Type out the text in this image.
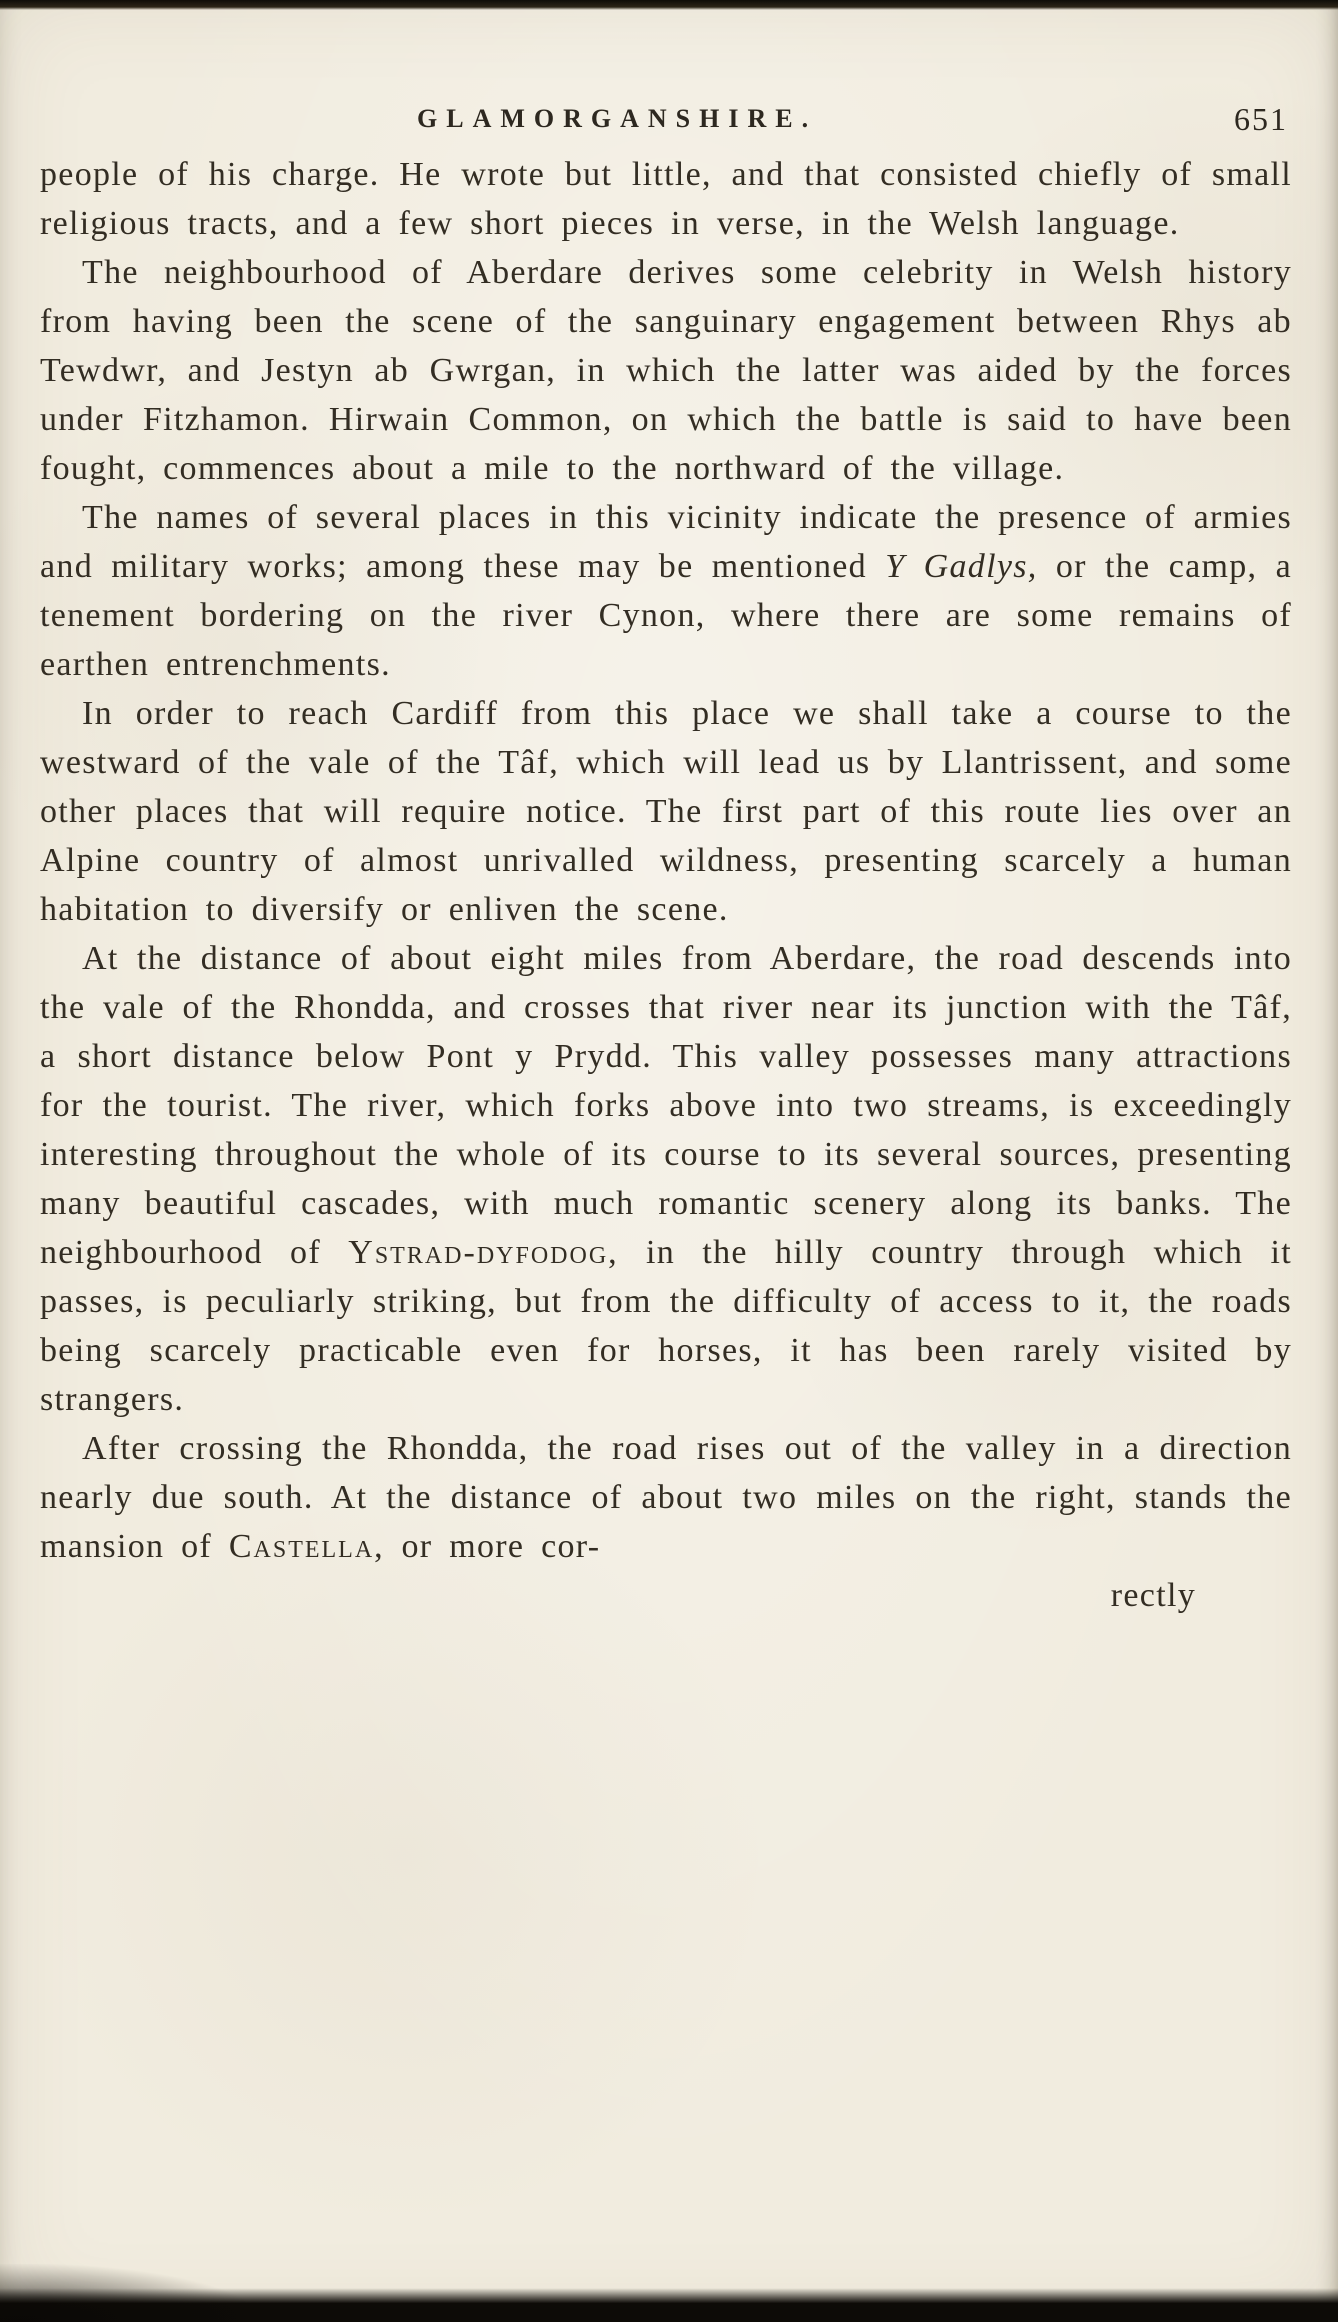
GLAMORGANSHIRE.	651

people of his charge. He wrote but little, and that consisted chiefly of small religious tracts, and a few short pieces in verse, in the Welsh language.

The neighbourhood of Aberdare derives some celebrity in Welsh history from having been the scene of the sanguinary engagement between Rhys ab Tewdwr, and Jestyn ab Gwrgan, in which the latter was aided by the forces under Fitzhamon. Hirwain Common, on which the battle is said to have been fought, commences about a mile to the northward of the village.

The names of several places in this vicinity indicate the presence of armies and military works; among these may be mentioned Y Gadlys, or the camp, a tenement bordering on the river Cynon, where there are some remains of earthen entrenchments.

In order to reach Cardiff from this place we shall take a course to the westward of the vale of the Tâf, which will lead us by Llantrissent, and some other places that will require notice. The first part of this route lies over an Alpine country of almost unrivalled wildness, presenting scarcely a human habitation to diversify or enliven the scene.

At the distance of about eight miles from Aberdare, the road descends into the vale of the Rhondda, and crosses that river near its junction with the Tâf, a short distance below Pont y Prydd. This valley possesses many attractions for the tourist. The river, which forks above into two streams, is exceedingly interesting throughout the whole of its course to its several sources, presenting many beautiful cascades, with much romantic scenery along its banks. The neighbourhood of Ystrad-dyfodog, in the hilly country through which it passes, is peculiarly striking, but from the difficulty of access to it, the roads being scarcely practicable even for horses, it has been rarely visited by strangers.

After crossing the Rhondda, the road rises out of the valley in a direction nearly due south. At the distance of about two miles on the right, stands the mansion of Castella, or more cor-

rectly
